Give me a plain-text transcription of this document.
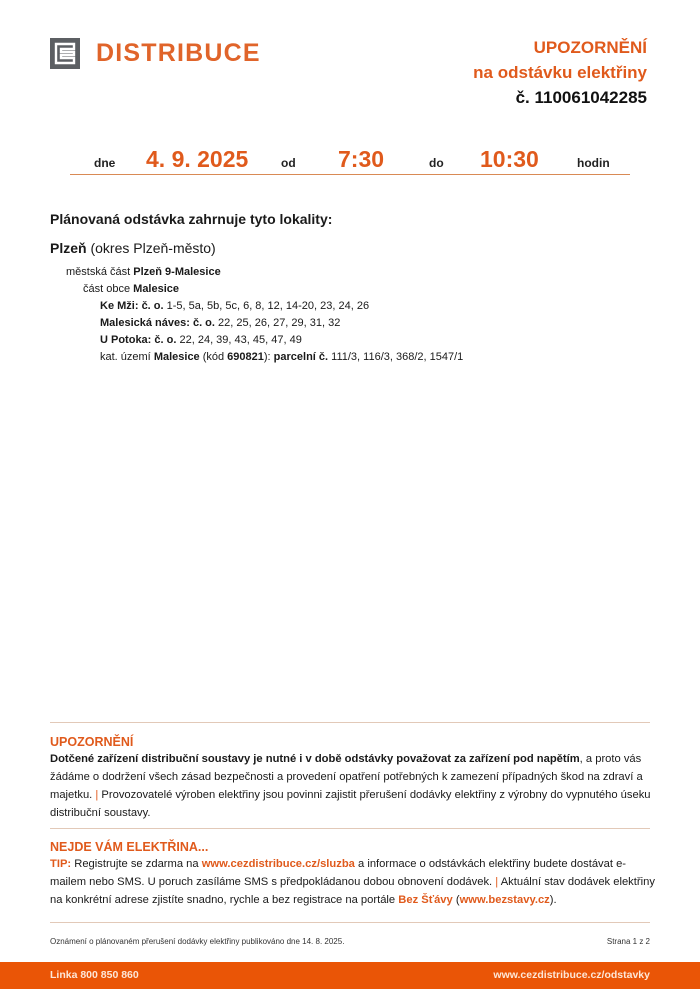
DISTRIBUCE	UPOZORNĚNÍ
na odstávku elektřiny
č. 110061042285
dne 4. 9. 2025	od 7:30	do 10:30	hodin
Plánovaná odstávka zahrnuje tyto lokality:
Plzeň (okres Plzeň-město)
městská část Plzeň 9-Malesice
část obce Malesice
Ke Mži: č. o. 1-5, 5a, 5b, 5c, 6, 8, 12, 14-20, 23, 24, 26
Malesická náves: č. o. 22, 25, 26, 27, 29, 31, 32
U Potoka: č. o. 22, 24, 39, 43, 45, 47, 49
kat. území Malesice (kód 690821): parcelní č. 111/3, 116/3, 368/2, 1547/1
UPOZORNĚNÍ
Dotčené zařízení distribuční soustavy je nutné i v době odstávky považovat za zařízení pod napětím, a proto vás žádáme o dodržení všech zásad bezpečnosti a provedení opatření potřebných k zamezení případných škod na zdraví a majetku. | Provozovatelé výroben elektřiny jsou povinni zajistit přerušení dodávky elektřiny z výrobny do vypnutého úseku distribuční soustavy.
NEJDE VÁM ELEKTŘINA...
TIP: Registrujte se zdarma na www.cezdistribuce.cz/sluzba a informace o odstávkách elektřiny budete dostávat e-mailem nebo SMS. U poruch zasíláme SMS s předpokládanou dobou obnovení dodávek. | Aktuální stav dodávek elektřiny na konkrétní adrese zjistíte snadno, rychle a bez registrace na portále Bez Šťávy (www.bezstavy.cz).
Oznámení o plánovaném přerušení dodávky elektřiny publikováno dne 14. 8. 2025.	Strana 1 z 2
Linka 800 850 860	www.cezdistribuce.cz/odstavky
